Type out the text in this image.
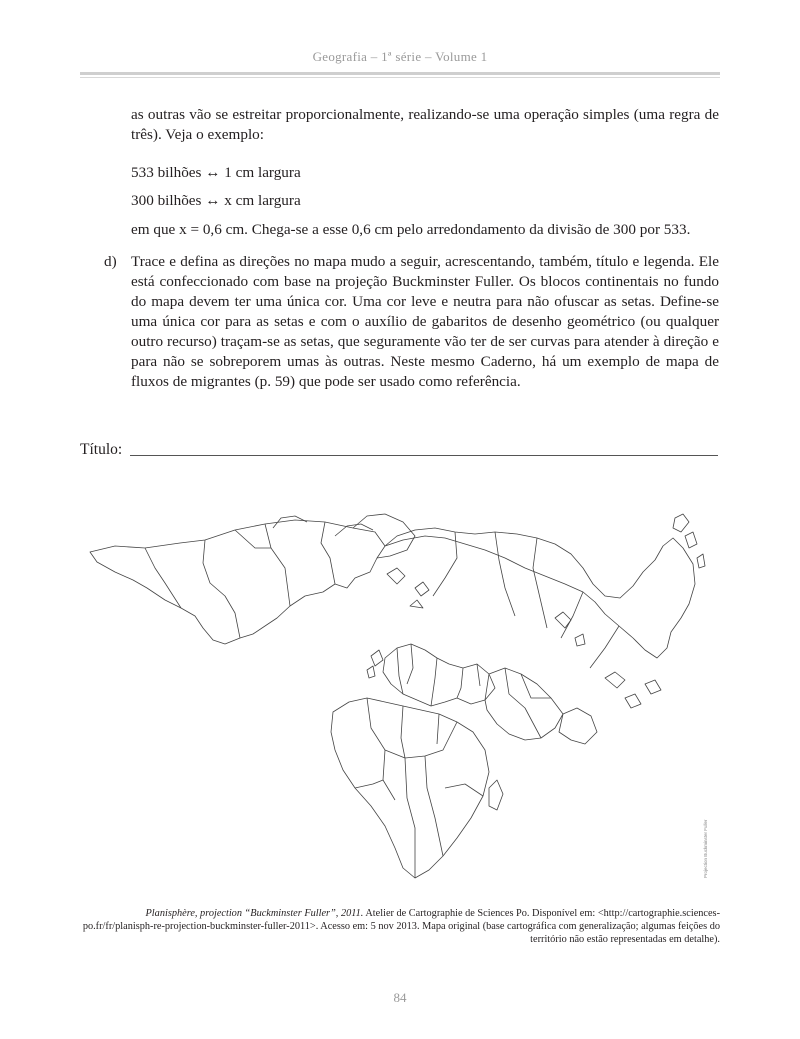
Geografia – 1ª série – Volume 1
as outras vão se estreitar proporcionalmente, realizando-se uma operação simples (uma regra de três). Veja o exemplo:
533 bilhões ↔ 1 cm largura
300 bilhões ↔ x cm largura
em que x = 0,6 cm. Chega-se a esse 0,6 cm pelo arredondamento da divisão de 300 por 533.
d) Trace e defina as direções no mapa mudo a seguir, acrescentando, também, título e legenda. Ele está confeccionado com base na projeção Buckminster Fuller. Os blocos continentais no fundo do mapa devem ter uma única cor. Uma cor leve e neutra para não ofuscar as setas. Define-se uma única cor para as setas e com o auxílio de gabaritos de desenho geométrico (ou qualquer outro recurso) traçam-se as setas, que seguramente vão ter de ser curvas para atender à direção e para não se sobreporem umas às outras. Neste mesmo Caderno, há um exemplo de mapa de fluxos de migrantes (p. 59) que pode ser usado como referência.
Título:
Projection Buckminster Fuller
Planisphère, projection “Buckminster Fuller”, 2011. Atelier de Cartographie de Sciences Po. Disponível em: <http://cartographie.sciences-po.fr/fr/planisph-re-projection-buckminster-fuller-2011>. Acesso em: 5 nov 2013. Mapa original (base cartográfica com generalização; algumas feições do território não estão representadas em detalhe).
84
